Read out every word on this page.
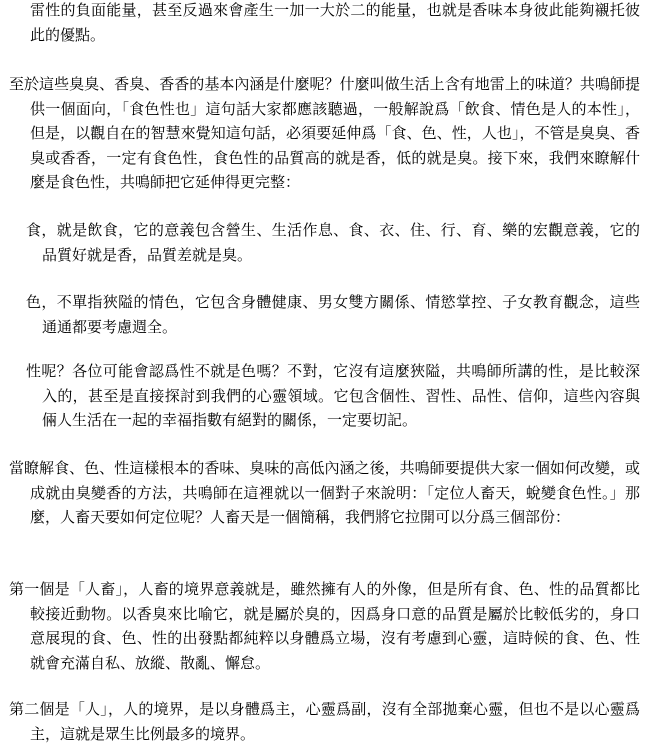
雷性的負面能量，甚至反過來會產生一加一大於二的能量，也就是香味本身彼此能夠襯托彼此的優點。

至於這些臭臭、香臭、香香的基本內涵是什麼呢？什麼叫做生活上含有地雷上的味道？共鳴師提供一個面向，「食色性也」這句話大家都應該聽過，一般解說爲「飲食、情色是人的本性」，但是，以觀自在的智慧來覺知這句話，必須要延伸爲「食、色、性，人也」，不管是臭臭、香臭或香香，一定有食色性，食色性的品質高的就是香，低的就是臭。接下來，我們來瞭解什麼是食色性，共鳴師把它延伸得更完整：

食，就是飲食，它的意義包含營生、生活作息、食、衣、住、行、育、樂的宏觀意義，它的品質好就是香，品質差就是臭。

色，不單指狹隘的情色，它包含身體健康、男女雙方關係、情慾掌控、子女教育觀念，這些通通都要考慮週全。

性呢？各位可能會認爲性不就是色嗎？不對，它沒有這麼狹隘，共鳴師所講的性，是比較深入的，甚至是直接探討到我們的心靈領域。它包含個性、習性、品性、信仰，這些內容與倆人生活在一起的幸福指數有絕對的關係，一定要切記。

當瞭解食、色、性這樣根本的香味、臭味的高低內涵之後，共鳴師要提供大家一個如何改變，或成就由臭變香的方法，共鳴師在這裡就以一個對子來說明：「定位人畜天，蛻變食色性。」那麼，人畜天要如何定位呢？人畜天是一個簡稱，我們將它拉開可以分爲三個部份：

第一個是「人畜」，人畜的境界意義就是，雖然擁有人的外像，但是所有食、色、性的品質都比較接近動物。以香臭來比喻它，就是屬於臭的，因爲身口意的品質是屬於比較低劣的，身口意展現的食、色、性的出發點都純粹以身體爲立場，沒有考慮到心靈，這時候的食、色、性就會充滿自私、放縱、散亂、懈怠。

第二個是「人」，人的境界，是以身體爲主，心靈爲副，沒有全部拋棄心靈，但也不是以心靈爲主，這就是眾生比例最多的境界。
